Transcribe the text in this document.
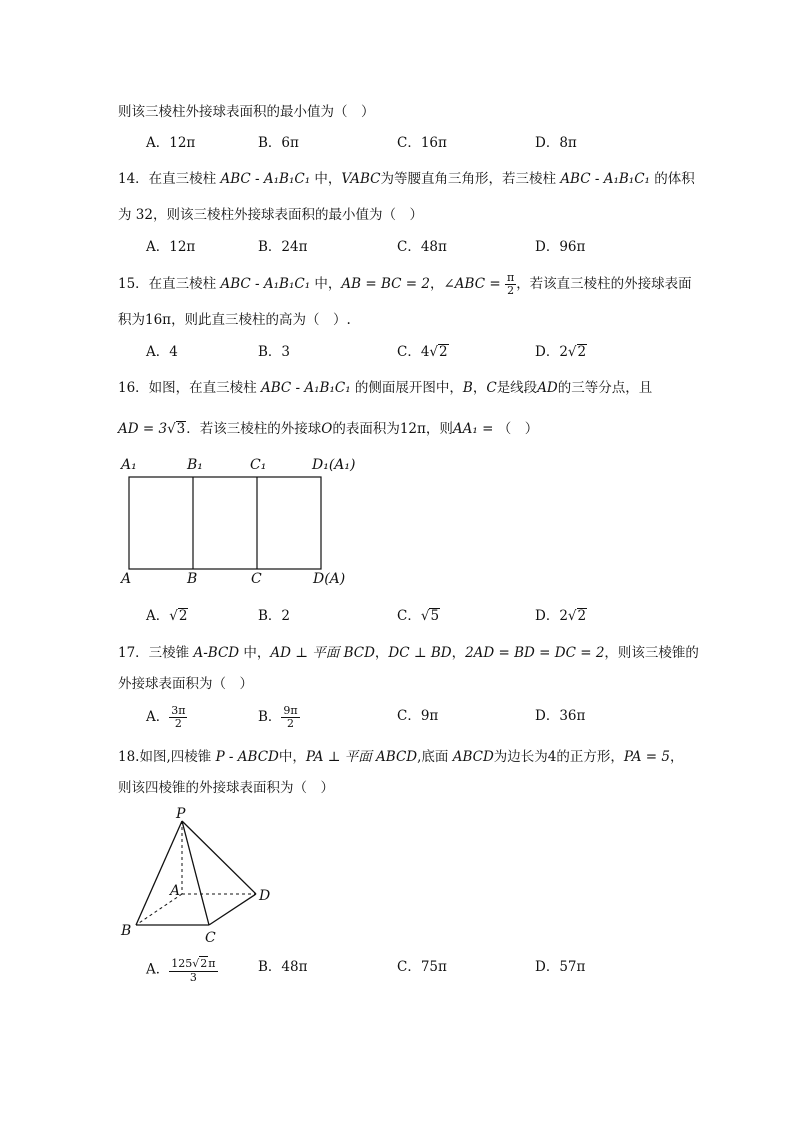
则该三棱柱外接球表面积的最小值为（　）
A．12π	B．6π	C．16π	D．8π
14．在直三棱柱 ABC - A₁B₁C₁ 中，VABC为等腰直角三角形，若三棱柱 ABC - A₁B₁C₁ 的体积
为 32，则该三棱柱外接球表面积的最小值为（　）
A．12π	B．24π	C．48π	D．96π
15．在直三棱柱 ABC - A₁B₁C₁ 中，AB = BC = 2，∠ABC = $\frac{\pi}{2}$ ，若该直三棱柱的外接球表面
积为16π，则此直三棱柱的高为（　）.
A．4	B．3	C．4√2	D．2√2
16．如图，在直三棱柱 ABC - A₁B₁C₁ 的侧面展开图中，B，C是线段AD的三等分点，且
AD = 3√3．若该三棱柱的外接球O的表面积为12π，则AA₁ = （　）
A₁	B₁	C₁	D₁(A₁)
A	B	C	D(A)
A．√2	B．2	C．√5	D．2√2
17．三棱锥 A-BCD 中，AD ⊥ 平面 BCD，DC ⊥ BD，2AD = BD = DC = 2，则该三棱锥的
外接球表面积为（　）
A． $\frac{3\pi}{2}$	B． $\frac{9\pi}{2}$	C．9π	D．36π
18.如图,四棱锥 P - ABCD中，PA ⊥ 平面 ABCD,底面 ABCD为边长为4的正方形，PA = 5，
则该四棱锥的外接球表面积为（　）
P
A
B	C
D
A． $\frac{125√2\pi}{3}$	B．48π	C．75π	D．57π
